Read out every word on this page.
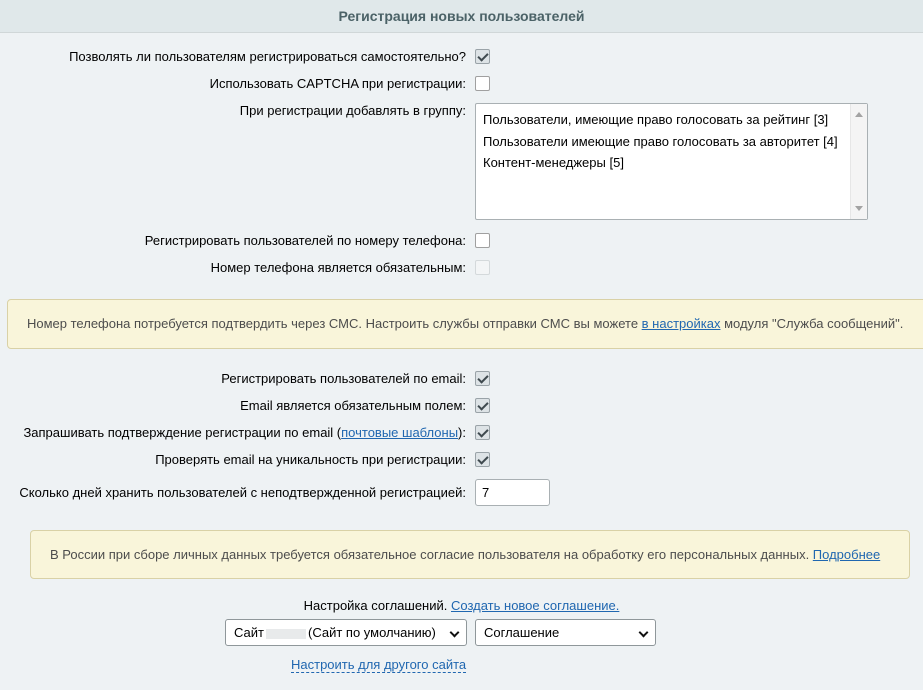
Регистрация новых пользователей
Позволять ли пользователям регистрироваться самостоятельно?
Использовать CAPTCHA при регистрации:
При регистрации добавлять в группу:
Пользователи, имеющие право голосовать за рейтинг [3]
Пользователи имеющие право голосовать за авторитет [4]
Контент-менеджеры [5]
Регистрировать пользователей по номеру телефона:
Номер телефона является обязательным:
Номер телефона потребуется подтвердить через СМС. Настроить службы отправки СМС вы можете в настройках модуля "Служба сообщений".
Регистрировать пользователей по email:
Email является обязательным полем:
Запрашивать подтверждение регистрации по email (почтовые шаблоны):
Проверять email на уникальность при регистрации:
Сколько дней хранить пользователей с неподтвержденной регистрацией:	7
В России при сборе личных данных требуется обязательное согласие пользователя на обработку его персональных данных. Подробнее
Настройка соглашений. Создать новое соглашение.
Сайт	(Сайт по умолчанию)	Соглашение
Настроить для другого сайта
